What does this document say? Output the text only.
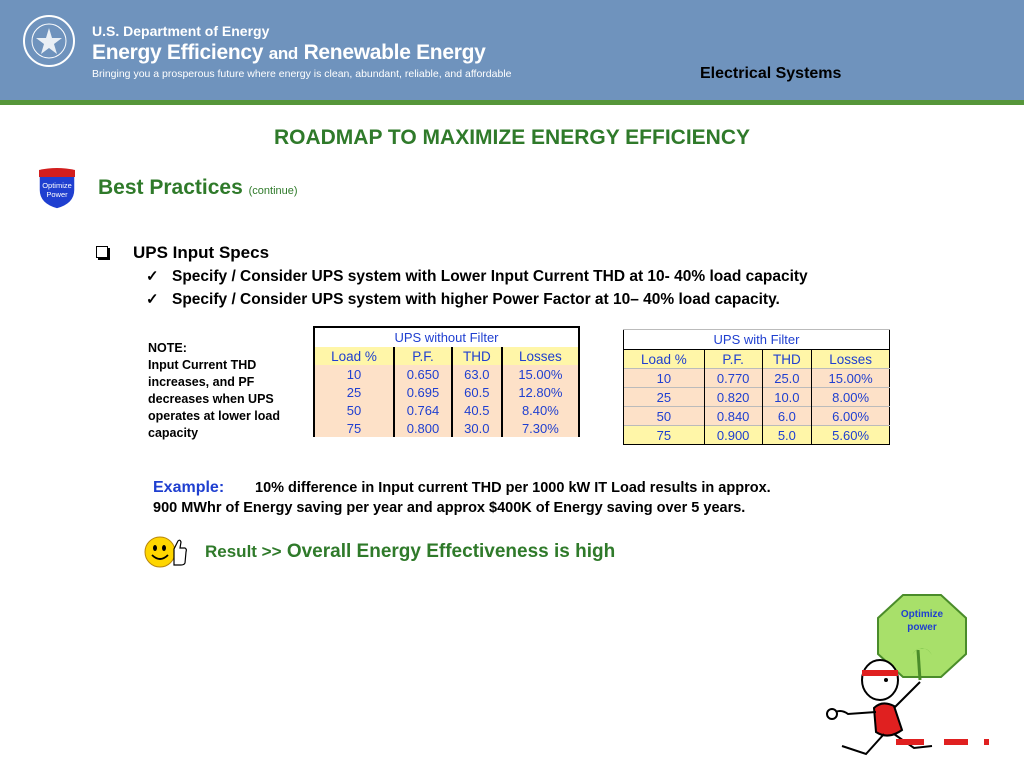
U.S. Department of Energy
Energy Efficiency and Renewable Energy
Bringing you a prosperous future where energy is clean, abundant, reliable, and affordable	Electrical Systems
ROADMAP TO MAXIMIZE ENERGY EFFICIENCY
Optimize
Power Best Practices (continue)
UPS Input Specs
✓ Specify / Consider UPS system with Lower Input Current THD at 10- 40% load capacity
✓ Specify / Consider UPS system with higher Power Factor at 10– 40% load capacity.
NOTE:
Input Current THD increases, and PF decreases when UPS operates at lower load capacity
UPS without Filter			
Load %	P.F.	THD	Losses
10	0.650	63.0	15.00%
25	0.695	60.5	12.80%
50	0.764	40.5	8.40%
75	0.800	30.0	7.30%
UPS with Filter			
Load %	P.F.	THD	Losses
10	0.770	25.0	15.00%
25	0.820	10.0	8.00%
50	0.840	6.0	6.00%
75	0.900	5.0	5.60%
Example: 10% difference in Input current THD per 1000 kW IT Load results in approx.
900 MWhr of Energy saving per year and approx $400K of Energy saving over 5 years.
Result >> Overall Energy Effectiveness is high
Optimize
power
